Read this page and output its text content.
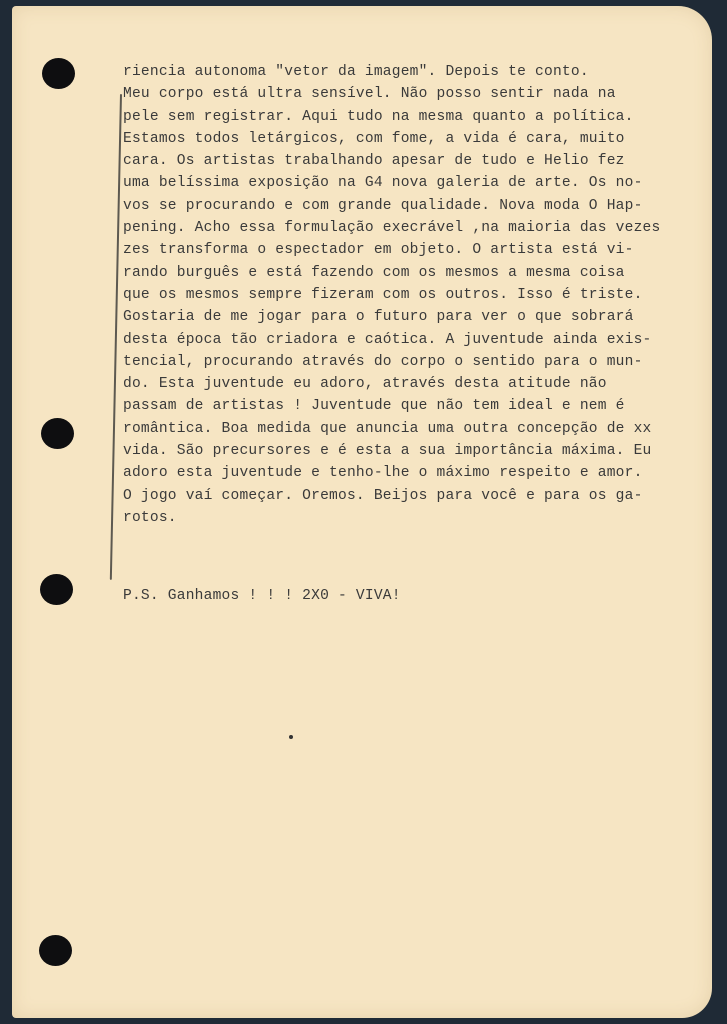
riencia autonoma "vetor da imagem". Depois te conto.
Meu corpo está ultra sensível. Não posso sentir nada na
pele sem registrar. Aqui tudo na mesma quanto a política.
Estamos todos letárgicos, com fome, a vida é cara, muito
cara. Os artistas trabalhando apesar de tudo e Helio fez
uma belíssima exposição na G4 nova galeria de arte. Os no-
vos se procurando e com grande qualidade. Nova moda O Hap-
pening. Acho essa formulação execrável ,na maioria das vezes
zes transforma o espectador em objeto. O artista está vi-
rando burguês e está fazendo com os mesmos a mesma coisa
que os mesmos sempre fizeram com os outros. Isso é triste.
Gostaria de me jogar para o futuro para ver o que sobrará
desta época tão criadora e caótica. A juventude ainda exis-
tencial, procurando através do corpo o sentido para o mun-
do. Esta juventude eu adoro, através desta atitude não
passam de artistas ! Juventude que não tem ideal e nem é
romântica. Boa medida que anuncia uma outra concepção de xx
vida. São precursores e é esta a sua importância máxima. Eu
adoro esta juventude e tenho-lhe o máximo respeito e amor.
O jogo vaí começar. Oremos. Beijos para você e para os ga-
rotos.
P.S. Ganhamos ! ! ! 2X0 - VIVA!
